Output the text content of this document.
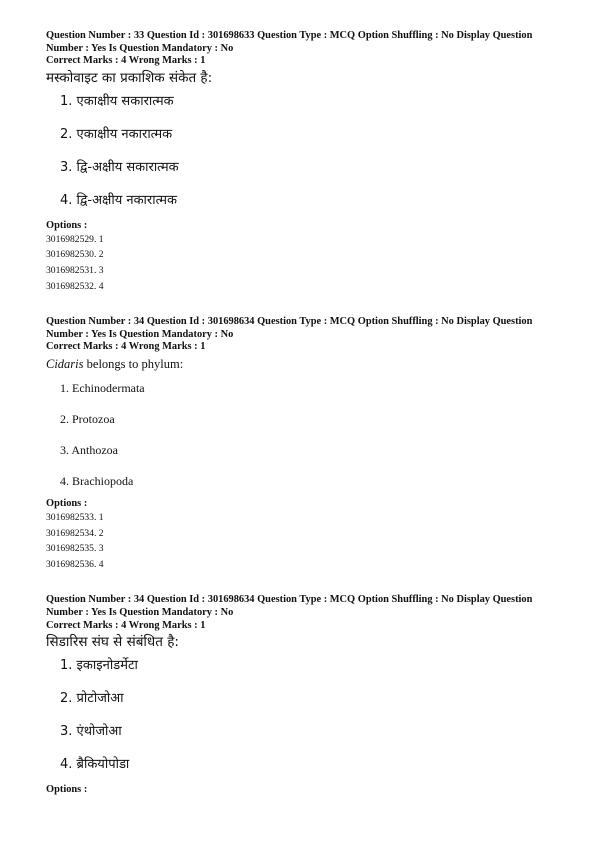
Question Number : 33 Question Id : 301698633 Question Type : MCQ Option Shuffling : No Display Question
Number : Yes Is Question Mandatory : No
Correct Marks : 4 Wrong Marks : 1
मस्कोवाइट का प्रकाशिक संकेत है:
1. एकाक्षीय सकारात्मक
2. एकाक्षीय नकारात्मक
3. द्वि-अक्षीय सकारात्मक
4. द्वि-अक्षीय नकारात्मक
Options :
3016982529. 1
3016982530. 2
3016982531. 3
3016982532. 4
Question Number : 34 Question Id : 301698634 Question Type : MCQ Option Shuffling : No Display Question
Number : Yes Is Question Mandatory : No
Correct Marks : 4 Wrong Marks : 1
Cidaris belongs to phylum:
1. Echinodermata
2. Protozoa
3. Anthozoa
4. Brachiopoda
Options :
3016982533. 1
3016982534. 2
3016982535. 3
3016982536. 4
Question Number : 34 Question Id : 301698634 Question Type : MCQ Option Shuffling : No Display Question
Number : Yes Is Question Mandatory : No
Correct Marks : 4 Wrong Marks : 1
सिडारिस संघ से संबंधित है:
1. इकाइनोडर्मेटा
2. प्रोटोजोआ
3. एंथोजोआ
4. ब्रैकियोपोडा
Options :
